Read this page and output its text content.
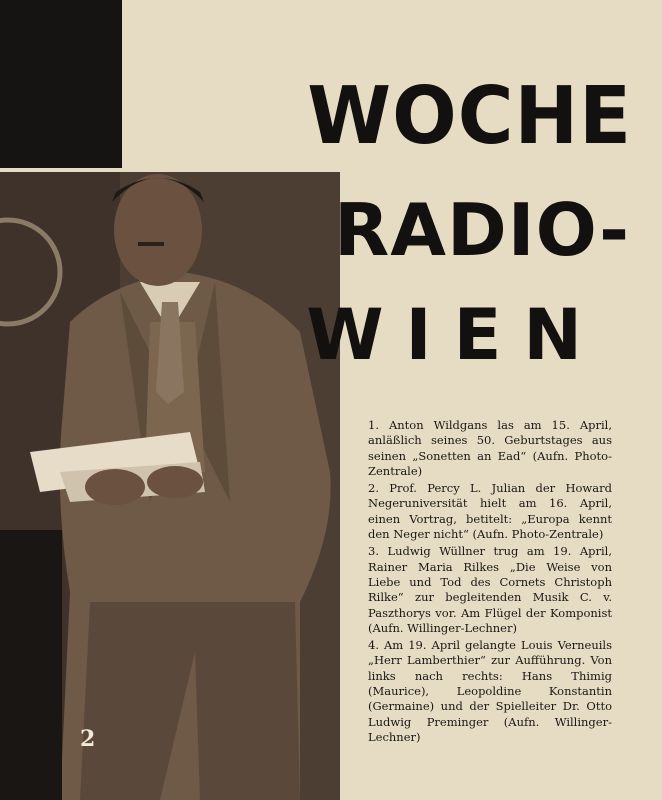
2
WOCHE
RADIO-
WIEN

1. Anton Wildgans las am 15. April, anläßlich seines 50. Geburtstages aus seinen „Sonetten an Ead“ (Aufn. Photo-Zentrale)

2. Prof. Percy L. Julian der Howard Negeruniversität hielt am 16. April, einen Vortrag, betitelt: „Europa kennt den Neger nicht“ (Aufn. Photo-Zentrale)

3. Ludwig Wüllner trug am 19. April, Rainer Maria Rilkes „Die Weise von Liebe und Tod des Cornets Christoph Rilke“ zur begleitenden Musik C. v. Paszthorys vor. Am Flügel der Komponist (Aufn. Willinger-Lechner)

4. Am 19. April gelangte Louis Verneuils „Herr Lamberthier“ zur Aufführung. Von links nach rechts: Hans Thimig (Maurice), Leopoldine Konstantin (Germaine) und der Spielleiter Dr. Otto Ludwig Preminger (Aufn. Willinger-Lechner)
